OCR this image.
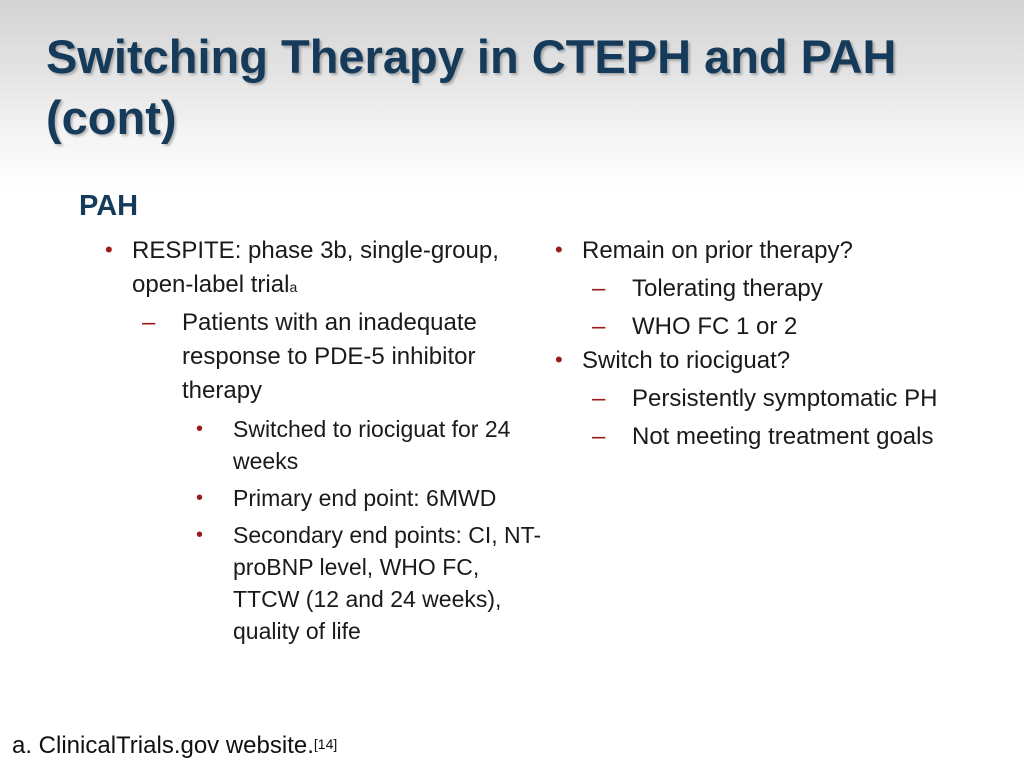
Switching Therapy in CTEPH and PAH (cont)
PAH
• RESPITE: phase 3b, single-group, open-label trial$^a$
– Patients with an inadequate response to PDE-5 inhibitor therapy
• Switched to riociguat for 24 weeks
• Primary end point: 6MWD
• Secondary end points: CI, NT-proBNP level, WHO FC, TTCW (12 and 24 weeks), quality of life
• Remain on prior therapy?
– Tolerating therapy
– WHO FC 1 or 2
• Switch to riociguat?
– Persistently symptomatic PH
– Not meeting treatment goals
a. ClinicalTrials.gov website.[14]
